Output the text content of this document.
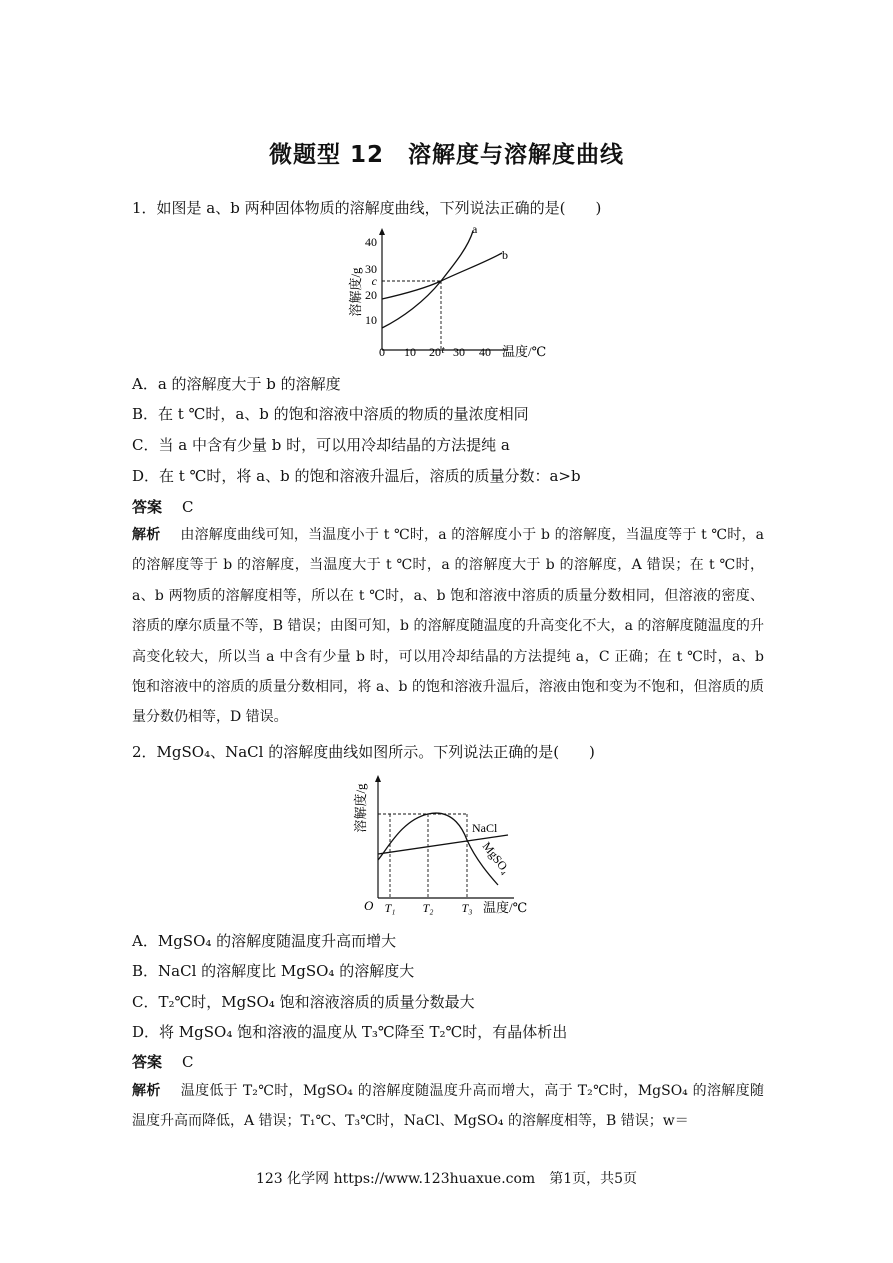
微题型 12　溶解度与溶解度曲线
1．如图是 a、b 两种固体物质的溶解度曲线，下列说法正确的是(　　)
10
20
30
40
c
0 10 20 30 40
t	温度/℃
溶解度/g
a
b
A．a 的溶解度大于 b 的溶解度
B．在 t ℃时，a、b 的饱和溶液中溶质的物质的量浓度相同
C．当 a 中含有少量 b 时，可以用冷却结晶的方法提纯 a
D．在 t ℃时，将 a、b 的饱和溶液升温后，溶质的质量分数：a>b
答案 C
解析 由溶解度曲线可知，当温度小于 t ℃时，a 的溶解度小于 b 的溶解度，当温度等于 t ℃时，a 的溶解度等于 b 的溶解度，当温度大于 t ℃时，a 的溶解度大于 b 的溶解度，A 错误；在 t ℃时，a、b 两物质的溶解度相等，所以在 t ℃时，a、b 饱和溶液中溶质的质量分数相同，但溶液的密度、溶质的摩尔质量不等，B 错误；由图可知，b 的溶解度随温度的升高变化不大，a 的溶解度随温度的升高变化较大，所以当 a 中含有少量 b 时，可以用冷却结晶的方法提纯 a，C 正确；在 t ℃时，a、b 饱和溶液中的溶质的质量分数相同，将 a、b 的饱和溶液升温后，溶液由饱和变为不饱和，但溶质的质量分数仍相等，D 错误。
2．MgSO₄、NaCl 的溶解度曲线如图所示。下列说法正确的是(　　)
溶解度/g
O T₁ T₂ T₃ 温度/℃
NaCl
MgSO₄
A．MgSO₄ 的溶解度随温度升高而增大
B．NaCl 的溶解度比 MgSO₄ 的溶解度大
C．T₂℃时，MgSO₄ 饱和溶液溶质的质量分数最大
D．将 MgSO₄ 饱和溶液的温度从 T₃℃降至 T₂℃时，有晶体析出
答案 C
解析 温度低于 T₂℃时，MgSO₄ 的溶解度随温度升高而增大，高于 T₂℃时，MgSO₄ 的溶解度随温度升高而降低，A 错误；T₁℃、T₃℃时，NaCl、MgSO₄ 的溶解度相等，B 错误；w＝
123 化学网 https://www.123huaxue.com　第1页，共5页
